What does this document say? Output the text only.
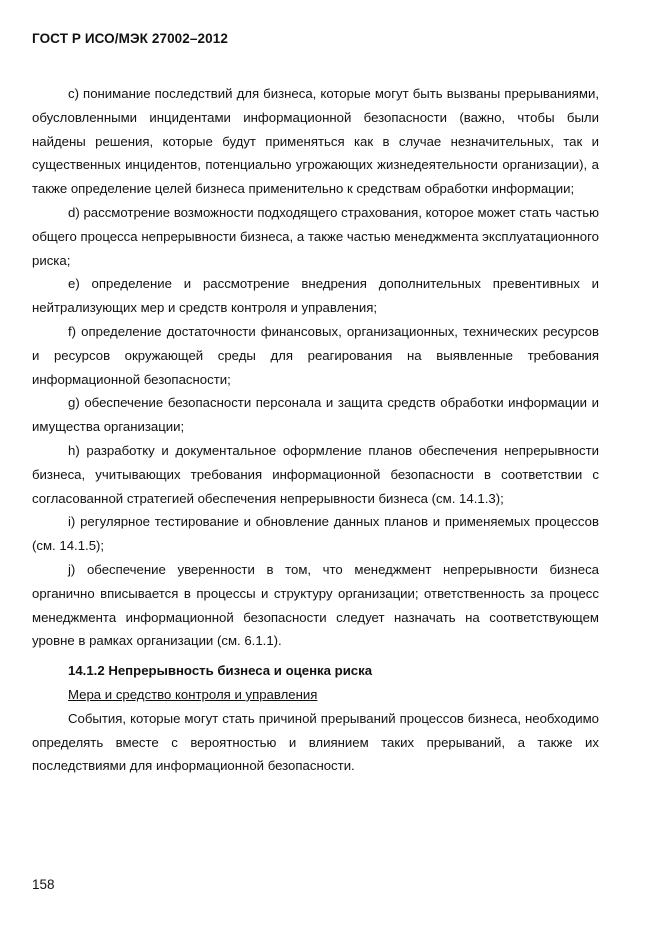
ГОСТ Р ИСО/МЭК 27002–2012

c) понимание последствий для бизнеса, которые могут быть вызваны прерываниями, обусловленными инцидентами информационной безопасности (важно, чтобы были найдены решения, которые будут применяться как в случае незначительных, так и существенных инцидентов, потенциально угрожающих жизнедеятельности организации), а также определение целей бизнеса применительно к средствам обработки информации;

d) рассмотрение возможности подходящего страхования, которое может стать частью общего процесса непрерывности бизнеса, а также частью менеджмента эксплуатационного риска;

e) определение и рассмотрение внедрения дополнительных превентивных и нейтрализующих мер и средств контроля и управления;

f) определение достаточности финансовых, организационных, технических ресурсов и ресурсов окружающей среды для реагирования на выявленные требования информационной безопасности;

g) обеспечение безопасности персонала и защита средств обработки информации и имущества организации;

h) разработку и документальное оформление планов обеспечения непрерывности бизнеса, учитывающих требования информационной безопасности в соответствии с согласованной стратегией обеспечения непрерывности бизнеса (см. 14.1.3);

i) регулярное тестирование и обновление данных планов и применяемых процессов (см. 14.1.5);

j) обеспечение уверенности в том, что менеджмент непрерывности бизнеса органично вписывается в процессы и структуру организации; ответственность за процесс менеджмента информационной безопасности следует назначать на соответствующем уровне в рамках организации (см. 6.1.1).

14.1.2 Непрерывность бизнеса и оценка риска

Мера и средство контроля и управления

События, которые могут стать причиной прерываний процессов бизнеса, необходимо определять вместе с вероятностью и влиянием таких прерываний, а также их последствиями для информационной безопасности.

158
